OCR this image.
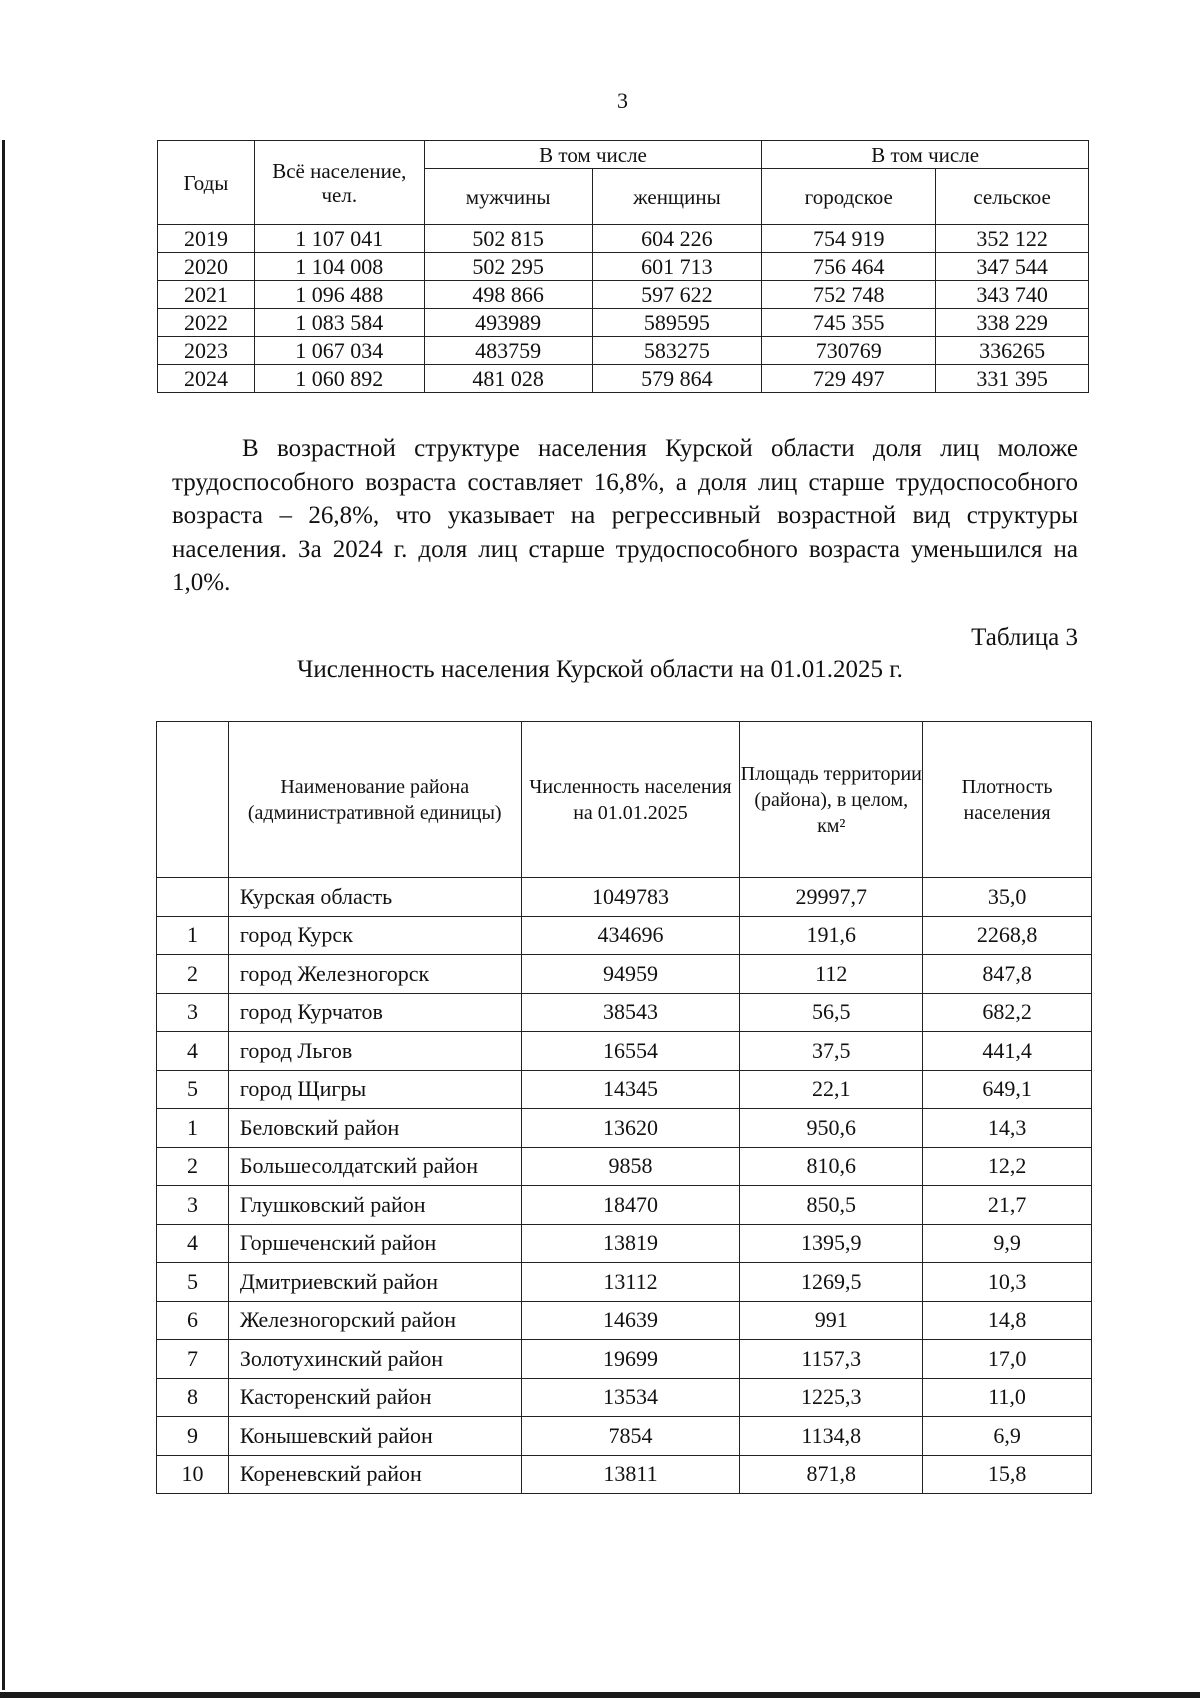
3
Годы	Всё население, чел.	В том числе		В том числе	
		мужчины	женщины	городское	сельское
2019	1 107 041	502 815	604 226	754 919	352 122
2020	1 104 008	502 295	601 713	756 464	347 544
2021	1 096 488	498 866	597 622	752 748	343 740
2022	1 083 584	493989	589595	745 355	338 229
2023	1 067 034	483759	583275	730769	336265
2024	1 060 892	481 028	579 864	729 497	331 395
В возрастной структуре населения Курской области доля лиц моложе трудоспособного возраста составляет 16,8%, а доля лиц старше трудоспособного возраста – 26,8%, что указывает на регрессивный возрастной вид структуры населения. За 2024 г. доля лиц старше трудоспособного возраста уменьшился на 1,0%.
Таблица 3
Численность населения Курской области на 01.01.2025 г.
	Наименование района (административной единицы)	Численность населения на 01.01.2025	Площадь территории (района), в целом, км²	Плотность населения
	Курская область	1049783	29997,7	35,0
1	город Курск	434696	191,6	2268,8
2	город Железногорск	94959	112	847,8
3	город Курчатов	38543	56,5	682,2
4	город Льгов	16554	37,5	441,4
5	город Щигры	14345	22,1	649,1
1	Беловский район	13620	950,6	14,3
2	Большесолдатский район	9858	810,6	12,2
3	Глушковский район	18470	850,5	21,7
4	Горшеченский район	13819	1395,9	9,9
5	Дмитриевский район	13112	1269,5	10,3
6	Железногорский район	14639	991	14,8
7	Золотухинский район	19699	1157,3	17,0
8	Касторенский район	13534	1225,3	11,0
9	Конышевский район	7854	1134,8	6,9
10	Кореневский район	13811	871,8	15,8
